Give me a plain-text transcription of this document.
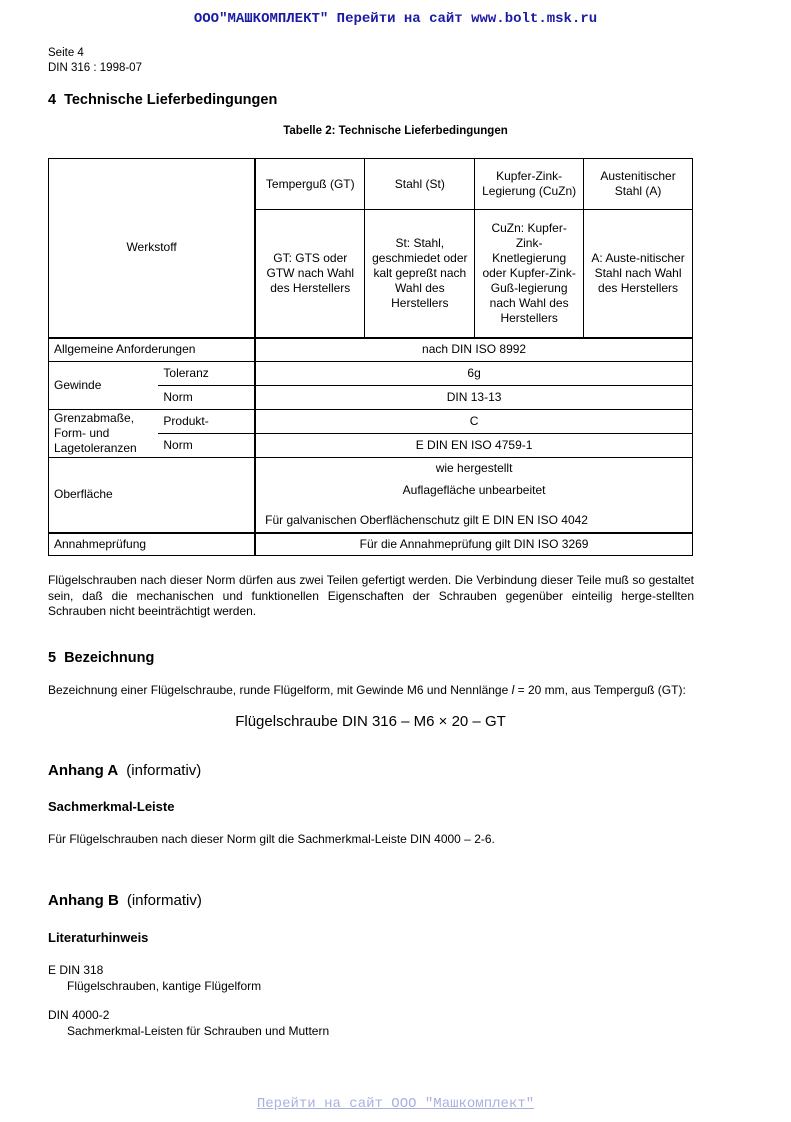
ООО"МАШКОМПЛЕКТ" Перейти на сайт www.bolt.msk.ru
Seite 4
DIN 316 : 1998-07
4 Technische Lieferbedingungen
Tabelle 2: Technische Lieferbedingungen
Werkstoff		Temperguß (GT)	Stahl (St)	Kupfer-Zink-Legierung (CuZn)	Austenitischer Stahl (A)
		GT: GTS oder GTW nach Wahl des Herstellers	St: Stahl, geschmiedet oder kalt gepreßt nach Wahl des Herstellers	CuZn: Kupfer-Zink-Knetlegierung oder Kupfer-Zink-Guß-legierung nach Wahl des Herstellers	A: Auste-nitischer Stahl nach Wahl des Herstellers
Allgemeine Anforderungen		nach DIN ISO 8992			
Gewinde	Toleranz	6g			
	Norm	DIN 13-13			
Grenzabmaße, Form- und Lagetoleranzen	Produkt-	C			
	Norm	E DIN EN ISO 4759-1			
Oberfläche		wie hergestellt
Auflagefläche unbearbeitet
Für galvanischen Oberflächenschutz gilt E DIN EN ISO 4042			

Annahmeprüfung		Für die Annahmeprüfung gilt DIN ISO 3269			
Flügelschrauben nach dieser Norm dürfen aus zwei Teilen gefertigt werden. Die Verbindung dieser Teile muß so gestaltet sein, daß die mechanischen und funktionellen Eigenschaften der Schrauben gegenüber einteilig herge-stellten Schrauben nicht beeinträchtigt werden.
5 Bezeichnung
Bezeichnung einer Flügelschraube, runde Flügelform, mit Gewinde M6 und Nennlänge l = 20 mm, aus Temperguß (GT):
Flügelschraube DIN 316 – M6 × 20 – GT
Anhang A (informativ)
Sachmerkmal-Leiste
Für Flügelschrauben nach dieser Norm gilt die Sachmerkmal-Leiste DIN 4000 – 2-6.
Anhang B (informativ)
Literaturhinweis
E DIN 318
Flügelschrauben, kantige Flügelform
DIN 4000-2
Sachmerkmal-Leisten für Schrauben und Muttern
Перейти на сайт ООО "Машкомплект"
